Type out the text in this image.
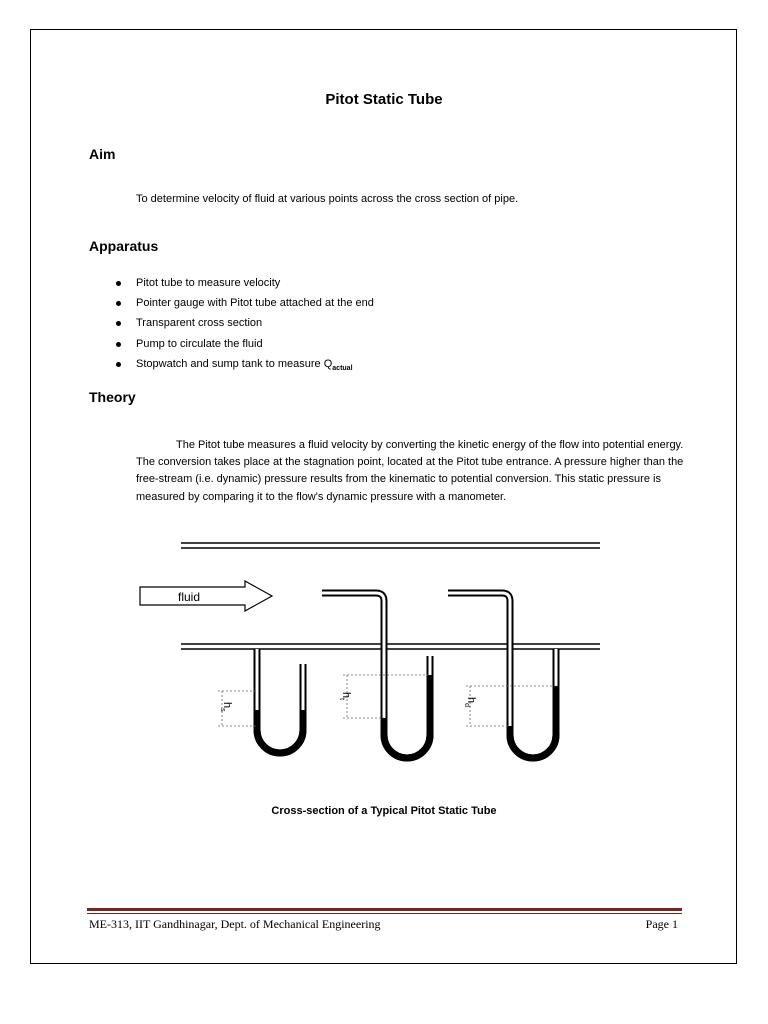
Pitot Static Tube
Aim
To determine velocity of fluid at various points across the cross section of pipe.
Apparatus
Pitot tube to measure velocity
Pointer gauge with Pitot tube attached at the end
Transparent cross section
Pump to circulate the fluid
Stopwatch and sump tank to measure $Q_{actual}$
Theory
The Pitot tube measures a fluid velocity by converting the kinetic energy of the flow into potential energy. The conversion takes place at the stagnation point, located at the Pitot tube entrance. A pressure higher than the free-stream (i.e. dynamic) pressure results from the kinematic to potential conversion. This static pressure is measured by comparing it to the flow's dynamic pressure with a manometer.
fluid
$h_s$
$h_t$	$h_d$
Cross-section of a Typical Pitot Static Tube
ME-313, IIT Gandhinagar, Dept. of Mechanical Engineering	Page 1
